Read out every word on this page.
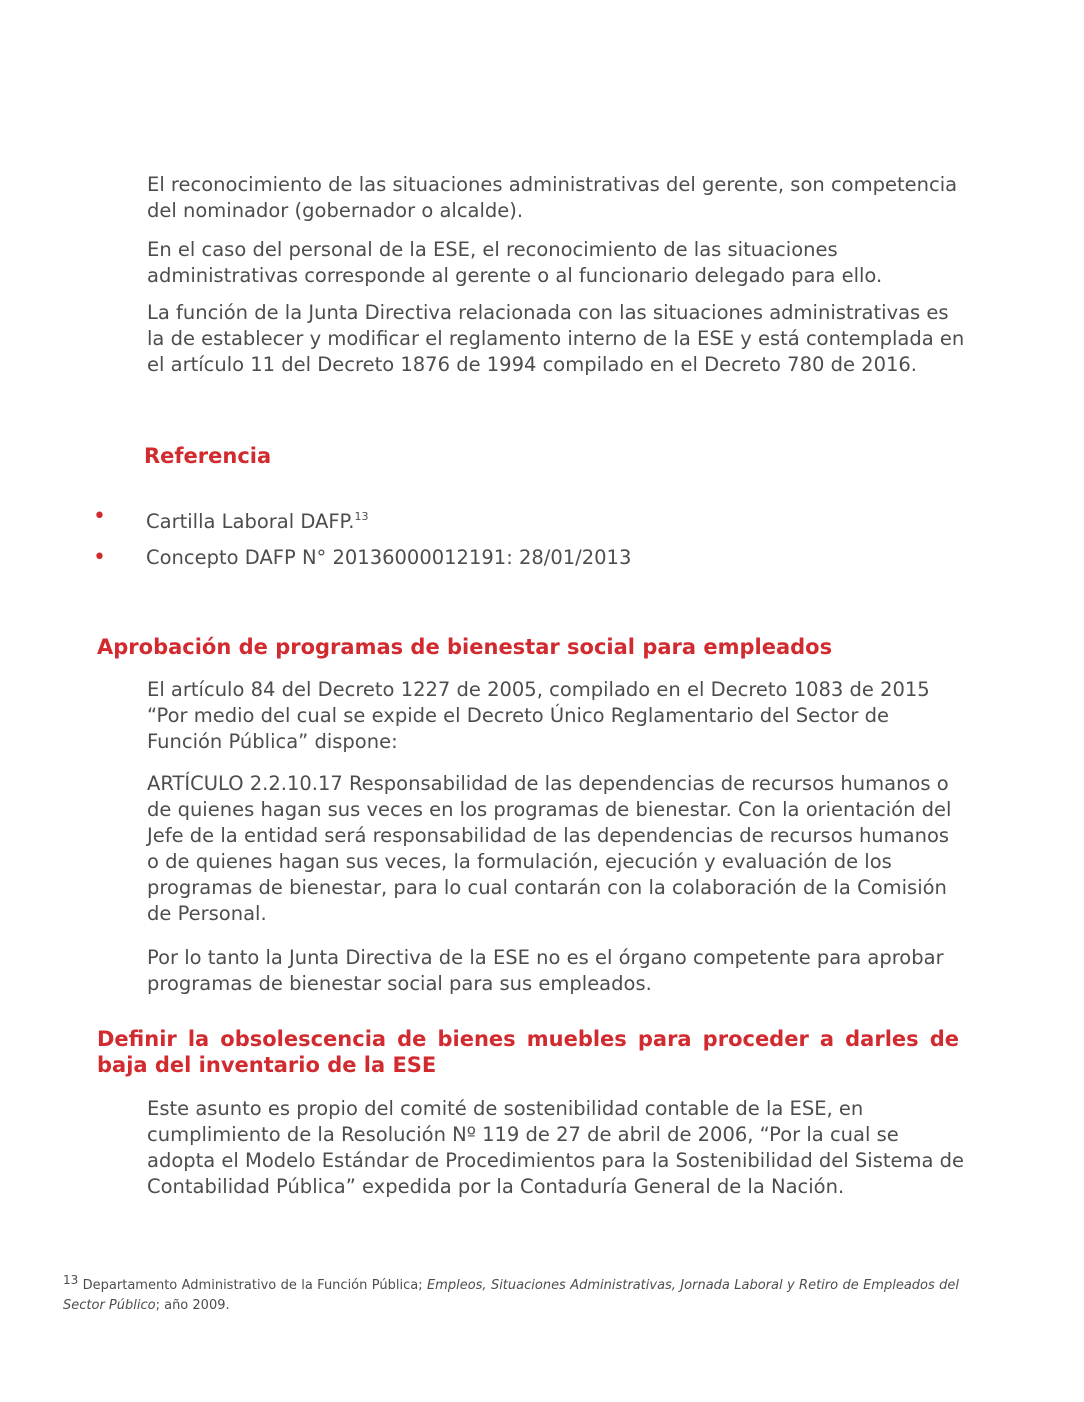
El reconocimiento de las situaciones administrativas del gerente, son competencia del nominador (gobernador o alcalde).

En el caso del personal de la ESE, el reconocimiento de las situaciones administrativas corresponde al gerente o al funcionario delegado para ello.

La función de la Junta Directiva relacionada con las situaciones administrativas es la de establecer y modificar el reglamento interno de la ESE y está contemplada en el artículo 11 del Decreto 1876 de 1994 compilado en el Decreto 780 de 2016.

Referencia
• Cartilla Laboral DAFP.$^{13}$
• Concepto DAFP N° 20136000012191: 28/01/2013
Aprobación de programas de bienestar social para empleados

El artículo 84 del Decreto 1227 de 2005, compilado en el Decreto 1083 de 2015 “Por medio del cual se expide el Decreto Único Reglamentario del Sector de Función Pública” dispone:

ARTÍCULO 2.2.10.17 Responsabilidad de las dependencias de recursos humanos o de quienes hagan sus veces en los programas de bienestar. Con la orientación del Jefe de la entidad será responsabilidad de las dependencias de recursos humanos o de quienes hagan sus veces, la formulación, ejecución y evaluación de los programas de bienestar, para lo cual contarán con la colaboración de la Comisión de Personal.

Por lo tanto la Junta Directiva de la ESE no es el órgano competente para aprobar programas de bienestar social para sus empleados.

Definir la obsolescencia de bienes muebles para proceder a darles de baja del inventario de la ESE

Este asunto es propio del comité de sostenibilidad contable de la ESE, en cumplimiento de la Resolución Nº 119 de 27 de abril de 2006, “Por la cual se adopta el Modelo Estándar de Procedimientos para la Sostenibilidad del Sistema de Contabilidad Pública” expedida por la Contaduría General de la Nación.

$^{13}$ Departamento Administrativo de la Función Pública; Empleos, Situaciones Administrativas, Jornada Laboral y Retiro de Empleados del Sector Público; año 2009.
